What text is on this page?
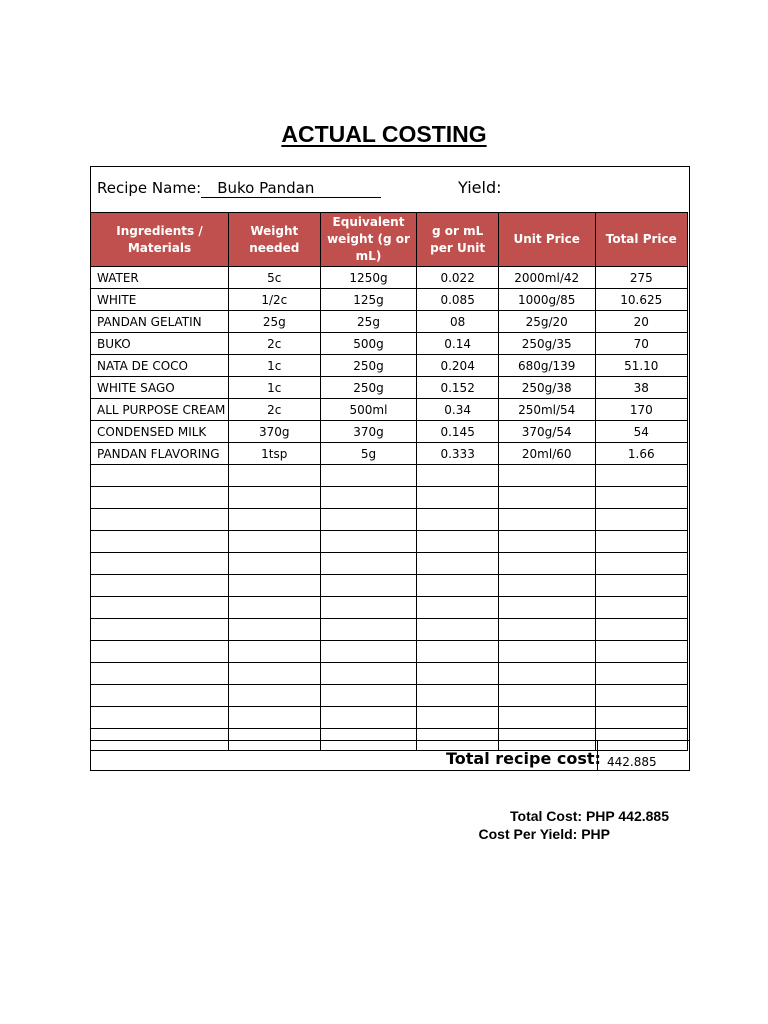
ACTUAL COSTING
Recipe Name: Buko Pandan	Yield:
Ingredients / Materials	Weight needed	Equivalent weight (g or mL)	g or mL per Unit	Unit Price	Total Price
WATER	5c	1250g	0.022	2000ml/42	275
WHITE	1/2c	125g	0.085	1000g/85	10.625
PANDAN GELATIN	25g	25g	08	25g/20	20
BUKO	2c	500g	0.14	250g/35	70
NATA DE COCO	1c	250g	0.204	680g/139	51.10
WHITE SAGO	1c	250g	0.152	250g/38	38
ALL PURPOSE CREAM	2c	500ml	0.34	250ml/54	170
CONDENSED MILK	370g	370g	0.145	370g/54	54
PANDAN FLAVORING	1tsp	5g	0.333	20ml/60	1.66

Total recipe cost: 442.885
Total Cost: PHP 442.885
Cost Per Yield: PHP
